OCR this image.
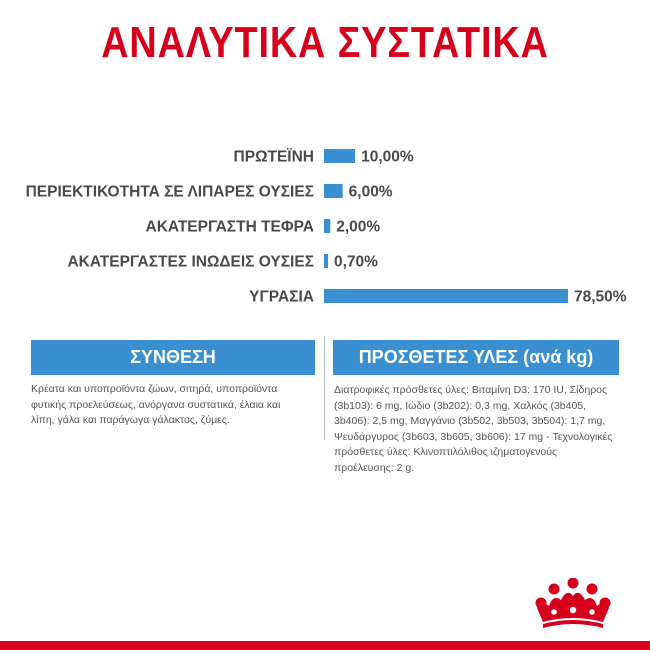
ΑΝΑΛΥΤΙΚΑ ΣΥΣΤΑΤΙΚΑ
ΠΡΩΤΕΪΝΗ	10,00%
ΠΕΡΙΕΚΤΙΚΟΤΗΤΑ ΣΕ ΛΙΠΑΡΕΣ ΟΥΣΙΕΣ 6,00%
ΑΚΑΤΕΡΓΑΣΤΗ ΤΕΦΡΑ 2,00%
ΑΚΑΤΕΡΓΑΣΤΕΣ ΙΝΩΔΕΙΣ ΟΥΣΙΕΣ 0,70%
ΥΓΡΑΣΙΑ	78,50%
ΣΥΝΘΕΣΗ
Κρέατα και υποπροϊόντα ζώων, σιτηρά, υποπροϊόντα
φυτικής προελεύσεως, ανόργανα συστατικά, έλαια και
λίπη, γάλα και παράγωγα γάλακτος, ζύμες.
ΠΡΟΣΘΕΤΕΣ ΥΛΕΣ (ανά kg)
Διατροφικές πρόσθετες ύλες: Βιταμίνη D3: 170 IU, Σίδηρος
(3b103): 6 mg, Ιώδιο (3b202): 0,3 mg, Χαλκός (3b405,
3b406): 2,5 mg, Μαγγάνιο (3b502, 3b503, 3b504): 1,7 mg,
Ψευδάργυρος (3b603, 3b605, 3b606): 17 mg - Τεχνολογικές
πρόσθετες ύλες: Κλινοπτιλόλιθος ιζηματογενούς
προέλευσης: 2 g.
